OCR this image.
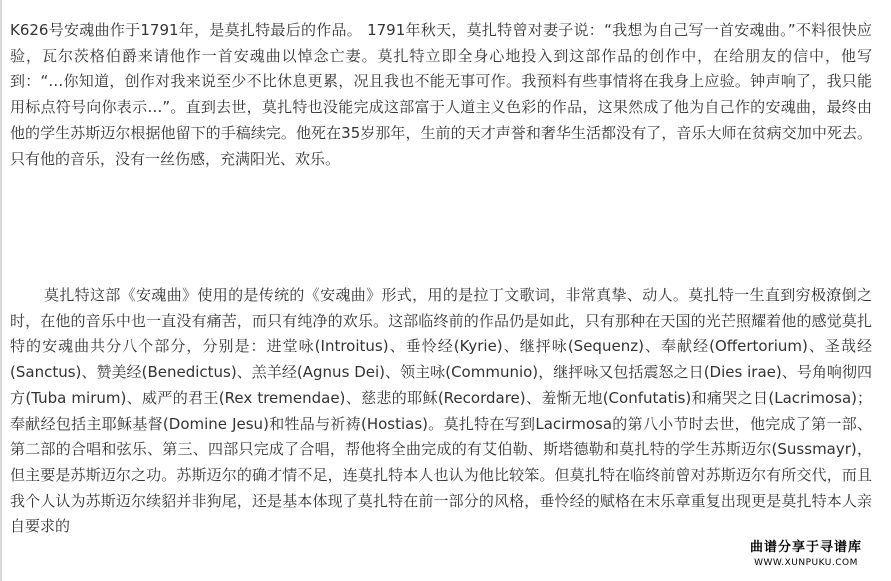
K626号安魂曲作于1791年，是莫扎特最后的作品。 1791年秋天，莫扎特曾对妻子说：“我想为自己写一首安魂曲。”不料很快应验，瓦尔茨格伯爵来请他作一首安魂曲以悼念亡妻。莫扎特立即全身心地投入到这部作品的创作中，在给朋友的信中，他写到：“…你知道，创作对我来说至少不比休息更累，况且我也不能无事可作。我预料有些事情将在我身上应验。钟声响了，我只能用标点符号向你表示…”。直到去世，莫扎特也没能完成这部富于人道主义色彩的作品，这果然成了他为自己作的安魂曲，最终由他的学生苏斯迈尔根据他留下的手稿续完。他死在35岁那年，生前的天才声誉和奢华生活都没有了，音乐大师在贫病交加中死去。只有他的音乐，没有一丝伤感，充满阳光、欢乐。

莫扎特这部《安魂曲》使用的是传统的《安魂曲》形式，用的是拉丁文歌词，非常真挚、动人。莫扎特一生直到穷极潦倒之时，在他的音乐中也一直没有痛苦，而只有纯净的欢乐。这部临终前的作品仍是如此，只有那种在天国的光芒照耀着他的感觉莫扎特的安魂曲共分八个部分，分别是：进堂咏(Introitus)、垂怜经(Kyrie)、继抨咏(Sequenz)、奉献经(Offertorium)、圣哉经(Sanctus)、赞美经(Benedictus)、羔羊经(Agnus Dei)、领主咏(Communio)，继抨咏又包括震怒之日(Dies irae)、号角响彻四方(Tuba mirum)、威严的君王(Rex tremendae)、慈悲的耶稣(Recordare)、羞惭无地(Confutatis)和痛哭之日(Lacrimosa)；奉献经包括主耶稣基督(Domine Jesu)和牲品与祈祷(Hostias)。莫扎特在写到Lacirmosa的第八小节时去世，他完成了第一部、第二部的合唱和弦乐、第三、四部只完成了合唱，帮他将全曲完成的有艾伯勒、斯塔德勒和莫扎特的学生苏斯迈尔(Sussmayr)，但主要是苏斯迈尔之功。苏斯迈尔的确才情不足，连莫扎特本人也认为他比较笨。但莫扎特在临终前曾对苏斯迈尔有所交代，而且我个人认为苏斯迈尔续貂并非狗尾，还是基本体现了莫扎特在前一部分的风格，垂怜经的赋格在末乐章重复出现更是莫扎特本人亲自要求的

曲谱分享于寻谱库
WWW.XUNPUKU.COM
